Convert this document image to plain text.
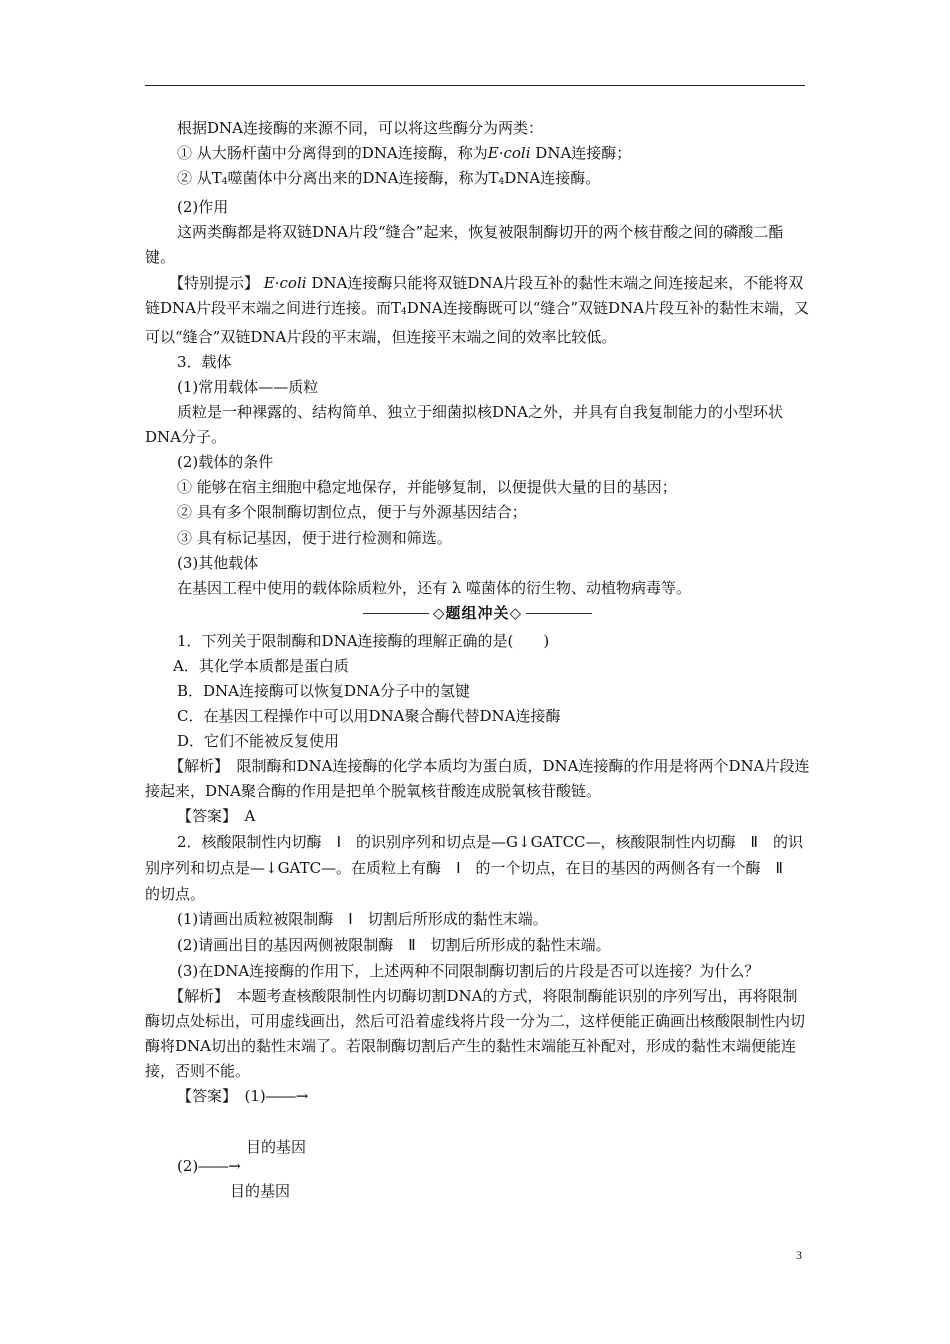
根据DNA连接酶的来源不同，可以将这些酶分为两类：

① 从大肠杆菌中分离得到的DNA连接酶，称为E·coli DNA连接酶；

② 从$T_4$噬菌体中分离出来的DNA连接酶，称为$T_4DNA$连接酶。

(2)作用

这两类酶都是将双链DNA片段“缝合”起来，恢复被限制酶切开的两个核苷酸之间的磷酸二酯键。

【特别提示】 E·coli DNA连接酶只能将双链DNA片段互补的黏性末端之间连接起来，不能将双链DNA片段平末端之间进行连接。而$T_4DNA$连接酶既可以“缝合”双链DNA片段互补的黏性末端，又可以“缝合”双链DNA片段的平末端，但连接平末端之间的效率比较低。

3．载体

(1)常用载体——质粒

质粒是一种裸露的、结构简单、独立于细菌拟核DNA之外，并具有自我复制能力的小型环状DNA分子。

(2)载体的条件

① 能够在宿主细胞中稳定地保存，并能够复制，以便提供大量的目的基因；

② 具有多个限制酶切割位点，便于与外源基因结合；

③ 具有标记基因，便于进行检测和筛选。

(3)其他载体

在基因工程中使用的载体除质粒外，还有 λ 噬菌体的衍生物、动植物病毒等。

◇题组冲关◇

1．下列关于限制酶和DNA连接酶的理解正确的是(　　)

A．其化学本质都是蛋白质

B．DNA连接酶可以恢复DNA分子中的氢键

C．在基因工程操作中可以用DNA聚合酶代替DNA连接酶

D．它们不能被反复使用

【解析】　限制酶和DNA连接酶的化学本质均为蛋白质，DNA连接酶的作用是将两个DNA片段连接起来，DNA聚合酶的作用是把单个脱氧核苷酸连成脱氧核苷酸链。

【答案】　A

2．核酸限制性内切酶　 Ⅰ　 的识别序列和切点是—G↓GATCC—，核酸限制性内切酶　 Ⅱ　 的识别序列和切点是—↓GATC—。在质粒上有酶　 Ⅰ　 的一个切点，在目的基因的两侧各有一个酶　 Ⅱ　的切点。

(1)请画出质粒被限制酶　 Ⅰ　 切割后所形成的黏性末端。

(2)请画出目的基因两侧被限制酶　 Ⅱ　 切割后所形成的黏性末端。

(3)在DNA连接酶的作用下，上述两种不同限制酶切割后的片段是否可以连接？为什么？

【解析】　本题考查核酸限制性内切酶切割DNA的方式，将限制酶能识别的序列写出，再将限制酶切点处标出，可用虚线画出，然后可沿着虚线将片段一分为二，这样便能正确画出核酸限制性内切酶将DNA切出的黏性末端了。若限制酶切割后产生的黏性末端能互补配对，形成的黏性末端便能连接，否则不能。

【答案】　(1)――→

目的基因
(2)――→
目的基因
3
